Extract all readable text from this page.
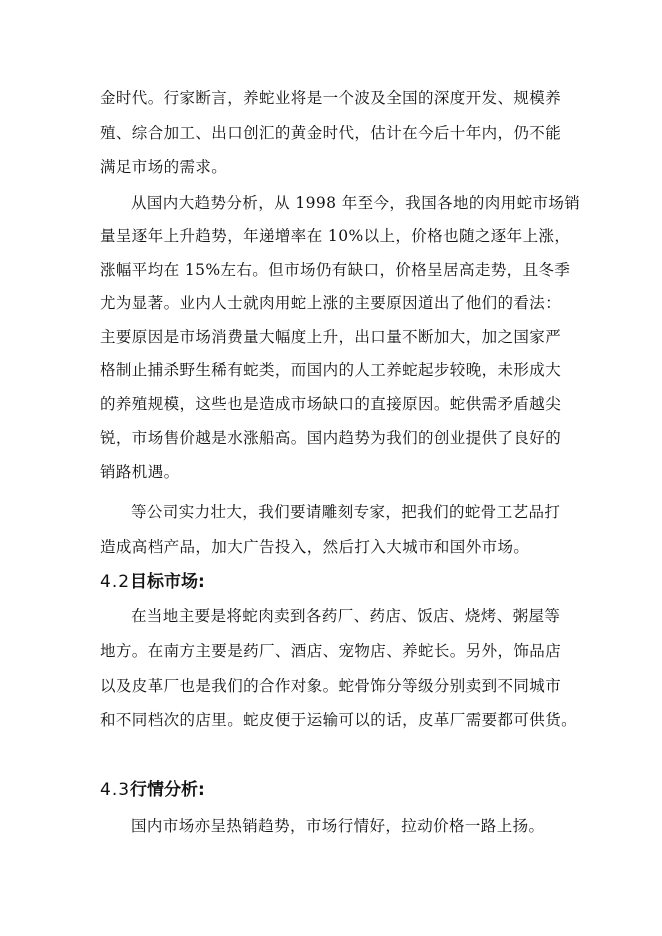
金时代。行家断言，养蛇业将是一个波及全国的深度开发、规模养
殖、综合加工、出口创汇的黄金时代，估计在今后十年内，仍不能
满足市场的需求。
从国内大趋势分析，从 1998 年至今，我国各地的肉用蛇市场销
量呈逐年上升趋势，年递增率在 10%以上，价格也随之逐年上涨，
涨幅平均在 15%左右。但市场仍有缺口，价格呈居高走势，且冬季
尤为显著。业内人士就肉用蛇上涨的主要原因道出了他们的看法：
主要原因是市场消费量大幅度上升，出口量不断加大，加之国家严
格制止捕杀野生稀有蛇类，而国内的人工养蛇起步较晚，未形成大
的养殖规模，这些也是造成市场缺口的直接原因。蛇供需矛盾越尖
锐，市场售价越是水涨船高。国内趋势为我们的创业提供了良好的
销路机遇。
等公司实力壮大，我们要请雕刻专家，把我们的蛇骨工艺品打
造成高档产品，加大广告投入，然后打入大城市和国外市场。
4.2目标市场:
在当地主要是将蛇肉卖到各药厂、药店、饭店、烧烤、粥屋等
地方。在南方主要是药厂、酒店、宠物店、养蛇长。另外，饰品店
以及皮革厂也是我们的合作对象。蛇骨饰分等级分别卖到不同城市
和不同档次的店里。蛇皮便于运输可以的话，皮革厂需要都可供货。
4.3行情分析:
国内市场亦呈热销趋势，市场行情好，拉动价格一路上扬。
